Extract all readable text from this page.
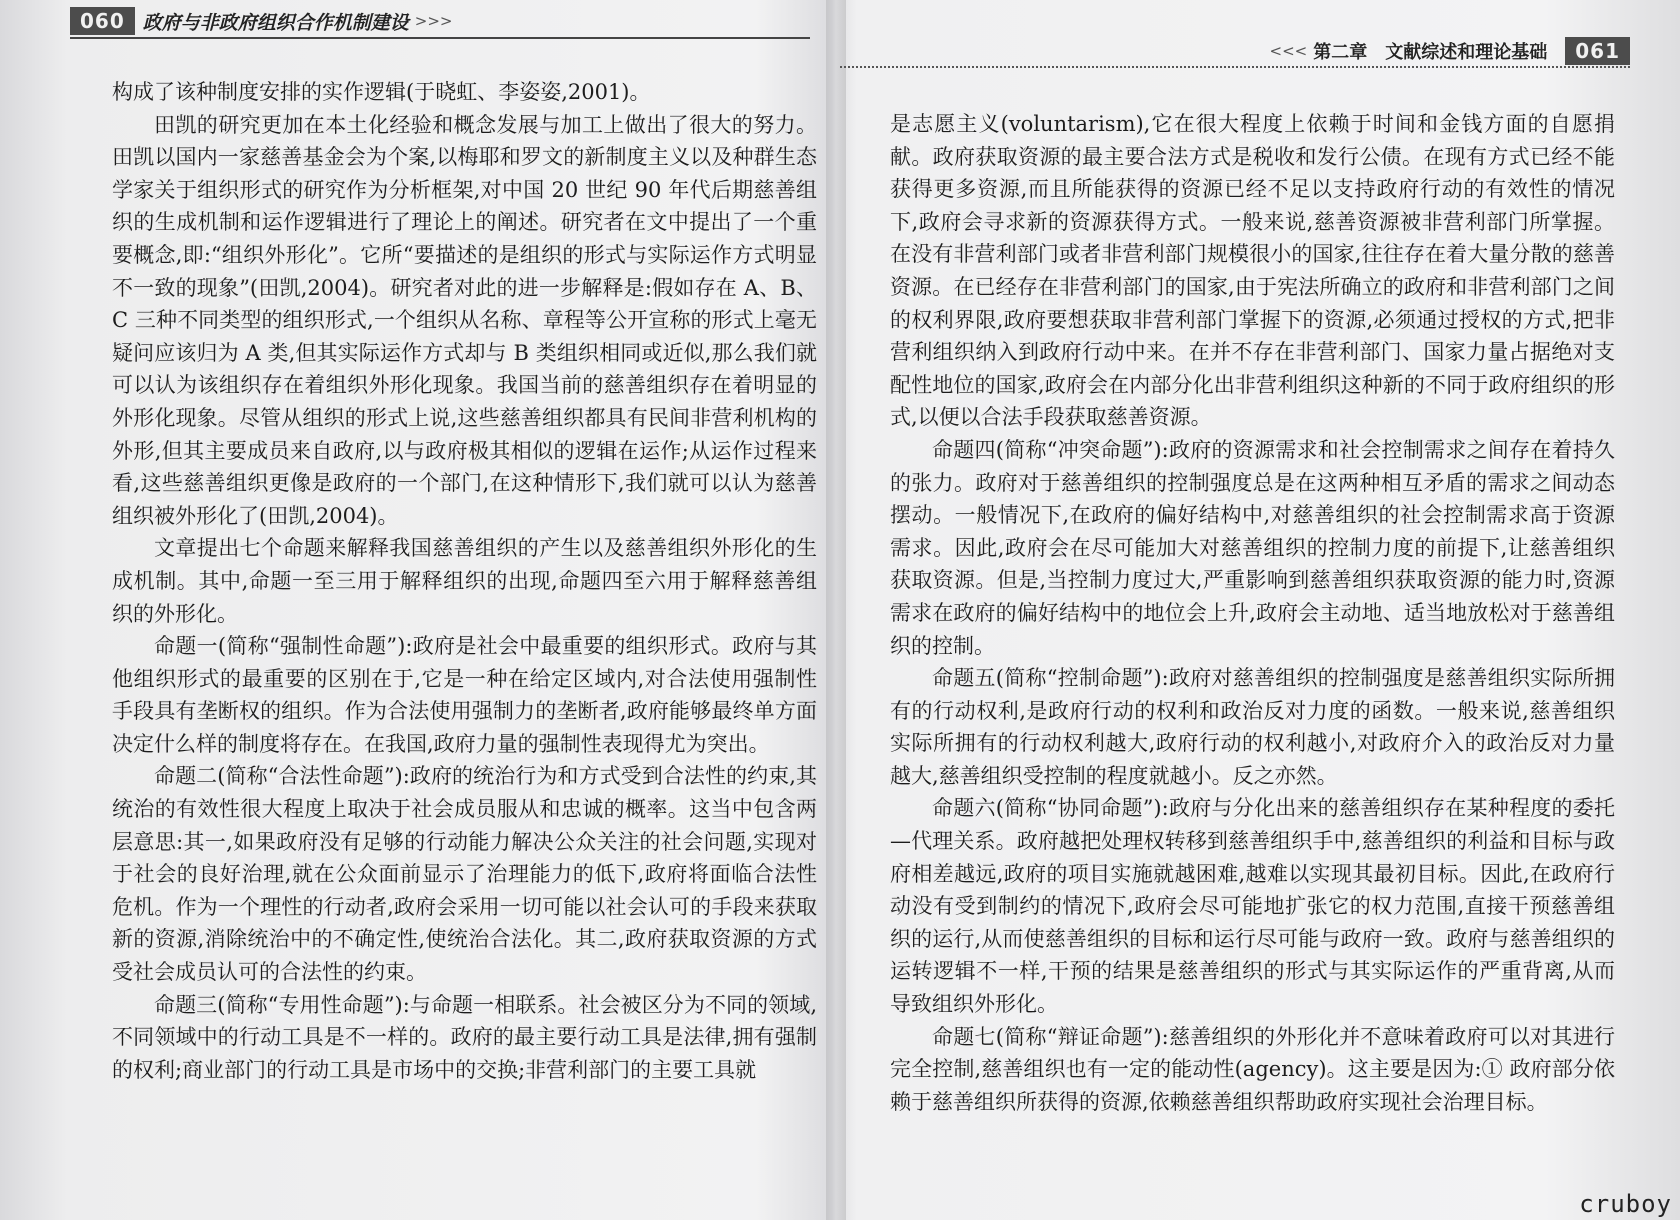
060 政府与非政府组织合作机制建设 >>>

构成了该种制度安排的实作逻辑(于晓虹、李姿姿,2001)。

田凯的研究更加在本土化经验和概念发展与加工上做出了很大的努力。田凯以国内一家慈善基金会为个案,以梅耶和罗文的新制度主义以及种群生态学家关于组织形式的研究作为分析框架,对中国 20 世纪 90 年代后期慈善组织的生成机制和运作逻辑进行了理论上的阐述。研究者在文中提出了一个重要概念,即:“组织外形化”。它所“要描述的是组织的形式与实际运作方式明显不一致的现象”(田凯,2004)。研究者对此的进一步解释是:假如存在 A、B、C 三种不同类型的组织形式,一个组织从名称、章程等公开宣称的形式上毫无疑问应该归为 A 类,但其实际运作方式却与 B 类组织相同或近似,那么我们就可以认为该组织存在着组织外形化现象。我国当前的慈善组织存在着明显的外形化现象。尽管从组织的形式上说,这些慈善组织都具有民间非营利机构的外形,但其主要成员来自政府,以与政府极其相似的逻辑在运作;从运作过程来看,这些慈善组织更像是政府的一个部门,在这种情形下,我们就可以认为慈善组织被外形化了(田凯,2004)。

文章提出七个命题来解释我国慈善组织的产生以及慈善组织外形化的生成机制。其中,命题一至三用于解释组织的出现,命题四至六用于解释慈善组织的外形化。

命题一(简称“强制性命题”):政府是社会中最重要的组织形式。政府与其他组织形式的最重要的区别在于,它是一种在给定区域内,对合法使用强制性手段具有垄断权的组织。作为合法使用强制力的垄断者,政府能够最终单方面决定什么样的制度将存在。在我国,政府力量的强制性表现得尤为突出。

命题二(简称“合法性命题”):政府的统治行为和方式受到合法性的约束,其统治的有效性很大程度上取决于社会成员服从和忠诚的概率。这当中包含两层意思:其一,如果政府没有足够的行动能力解决公众关注的社会问题,实现对于社会的良好治理,就在公众面前显示了治理能力的低下,政府将面临合法性危机。作为一个理性的行动者,政府会采用一切可能以社会认可的手段来获取新的资源,消除统治中的不确定性,使统治合法化。其二,政府获取资源的方式受社会成员认可的合法性的约束。

命题三(简称“专用性命题”):与命题一相联系。社会被区分为不同的领域,不同领域中的行动工具是不一样的。政府的最主要行动工具是法律,拥有强制的权利;商业部门的行动工具是市场中的交换;非营利部门的主要工具就

<<< 第二章 文献综述和理论基础	061

是志愿主义(voluntarism),它在很大程度上依赖于时间和金钱方面的自愿捐献。政府获取资源的最主要合法方式是税收和发行公债。在现有方式已经不能获得更多资源,而且所能获得的资源已经不足以支持政府行动的有效性的情况下,政府会寻求新的资源获得方式。一般来说,慈善资源被非营利部门所掌握。在没有非营利部门或者非营利部门规模很小的国家,往往存在着大量分散的慈善资源。在已经存在非营利部门的国家,由于宪法所确立的政府和非营利部门之间的权利界限,政府要想获取非营利部门掌握下的资源,必须通过授权的方式,把非营利组织纳入到政府行动中来。在并不存在非营利部门、国家力量占据绝对支配性地位的国家,政府会在内部分化出非营利组织这种新的不同于政府组织的形式,以便以合法手段获取慈善资源。

命题四(简称“冲突命题”):政府的资源需求和社会控制需求之间存在着持久的张力。政府对于慈善组织的控制强度总是在这两种相互矛盾的需求之间动态摆动。一般情况下,在政府的偏好结构中,对慈善组织的社会控制需求高于资源需求。因此,政府会在尽可能加大对慈善组织的控制力度的前提下,让慈善组织获取资源。但是,当控制力度过大,严重影响到慈善组织获取资源的能力时,资源需求在政府的偏好结构中的地位会上升,政府会主动地、适当地放松对于慈善组织的控制。

命题五(简称“控制命题”):政府对慈善组织的控制强度是慈善组织实际所拥有的行动权利,是政府行动的权利和政治反对力度的函数。一般来说,慈善组织实际所拥有的行动权利越大,政府行动的权利越小,对政府介入的政治反对力量越大,慈善组织受控制的程度就越小。反之亦然。

命题六(简称“协同命题”):政府与分化出来的慈善组织存在某种程度的委托—代理关系。政府越把处理权转移到慈善组织手中,慈善组织的利益和目标与政府相差越远,政府的项目实施就越困难,越难以实现其最初目标。因此,在政府行动没有受到制约的情况下,政府会尽可能地扩张它的权力范围,直接干预慈善组织的运行,从而使慈善组织的目标和运行尽可能与政府一致。政府与慈善组织的运转逻辑不一样,干预的结果是慈善组织的形式与其实际运作的严重背离,从而导致组织外形化。

命题七(简称“辩证命题”):慈善组织的外形化并不意味着政府可以对其进行完全控制,慈善组织也有一定的能动性(agency)。这主要是因为:① 政府部分依赖于慈善组织所获得的资源,依赖慈善组织帮助政府实现社会治理目标。

cruboy
